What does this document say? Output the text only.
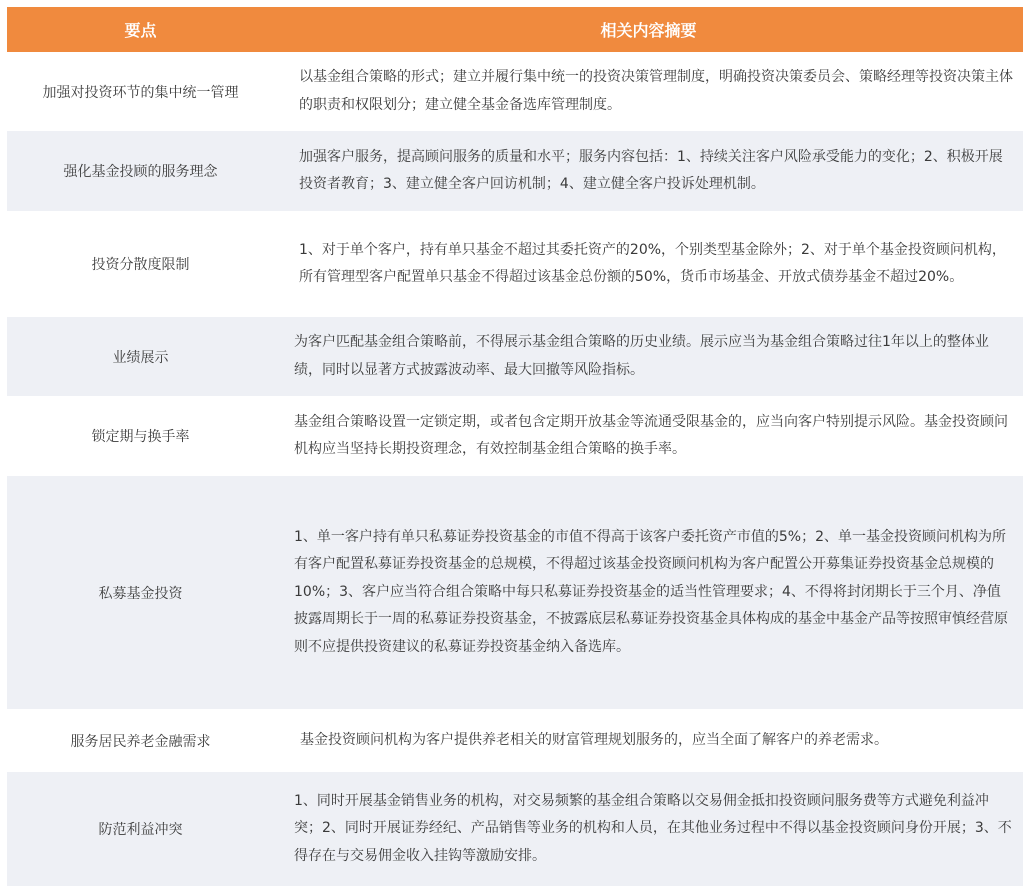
要点	相关内容摘要
加强对投资环节的集中统一管理
以基金组合策略的形式；建立并履行集中统一的投资决策管理制度，明确投资决策委员会、策略经理等投资决策主体的职责和权限划分；建立健全基金备选库管理制度。
强化基金投顾的服务理念
加强客户服务，提高顾问服务的质量和水平；服务内容包括：1、持续关注客户风险承受能力的变化；2、积极开展投资者教育；3、建立健全客户回访机制；4、建立健全客户投诉处理机制。
投资分散度限制
1、对于单个客户，持有单只基金不超过其委托资产的20%，个别类型基金除外；2、对于单个基金投资顾问机构，所有管理型客户配置单只基金不得超过该基金总份额的50%，货币市场基金、开放式债券基金不超过20%。
业绩展示
为客户匹配基金组合策略前，不得展示基金组合策略的历史业绩。展示应当为基金组合策略过往1年以上的整体业绩，同时以显著方式披露波动率、最大回撤等风险指标。
锁定期与换手率
基金组合策略设置一定锁定期，或者包含定期开放基金等流通受限基金的，应当向客户特别提示风险。基金投资顾问机构应当坚持长期投资理念，有效控制基金组合策略的换手率。
私募基金投资
1、单一客户持有单只私募证券投资基金的市值不得高于该客户委托资产市值的5%；2、单一基金投资顾问机构为所有客户配置私募证券投资基金的总规模，不得超过该基金投资顾问机构为客户配置公开募集证券投资基金总规模的10%；3、客户应当符合组合策略中每只私募证券投资基金的适当性管理要求；4、不得将封闭期长于三个月、净值披露周期长于一周的私募证券投资基金，不披露底层私募证券投资基金具体构成的基金中基金产品等按照审慎经营原则不应提供投资建议的私募证券投资基金纳入备选库。
服务居民养老金融需求	基金投资顾问机构为客户提供养老相关的财富管理规划服务的，应当全面了解客户的养老需求。
防范利益冲突
1、同时开展基金销售业务的机构，对交易频繁的基金组合策略以交易佣金抵扣投资顾问服务费等方式避免利益冲突；2、同时开展证券经纪、产品销售等业务的机构和人员，在其他业务过程中不得以基金投资顾问身份开展；3、不得存在与交易佣金收入挂钩等激励安排。
